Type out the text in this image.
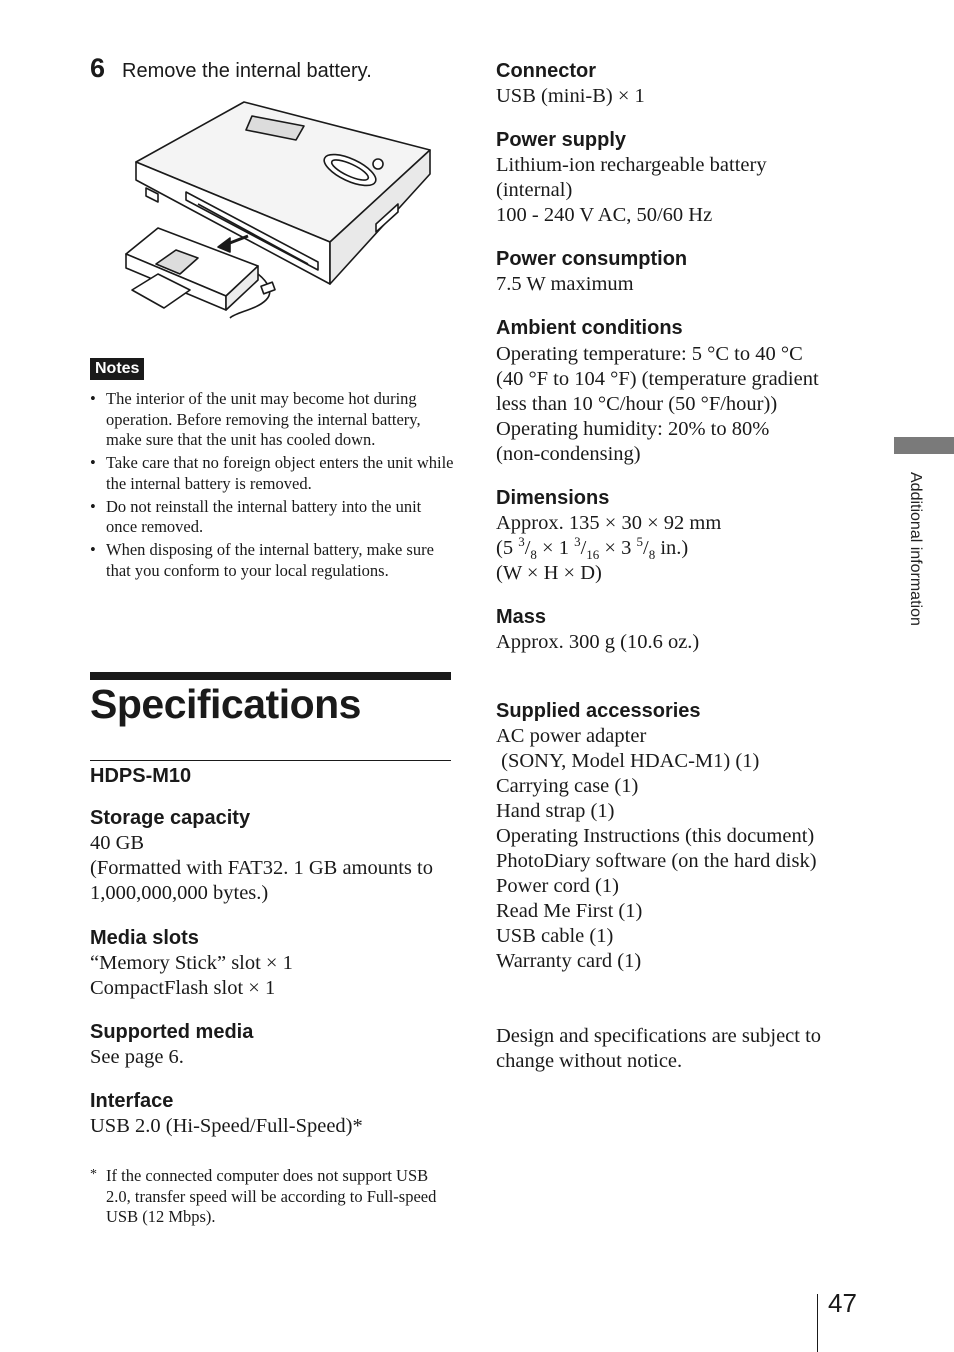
6 Remove the internal battery.
Notes
• The interior of the unit may become hot during operation. Before removing the internal battery, make sure that the unit has cooled down.
• Take care that no foreign object enters the unit while the internal battery is removed.
• Do not reinstall the internal battery into the unit once removed.
• When disposing of the internal battery, make sure that you conform to your local regulations.
Specifications
HDPS-M10
Storage capacity
40 GB
(Formatted with FAT32. 1 GB amounts to
1,000,000,000 bytes.)
Media slots
“Memory Stick” slot × 1
CompactFlash slot × 1
Supported media
See page 6.
Interface
USB 2.0 (Hi-Speed/Full-Speed)*
* If the connected computer does not support USB 2.0, transfer speed will be according to Full-speed USB (12 Mbps).
Connector
USB (mini-B) × 1
Power supply
Lithium-ion rechargeable battery
(internal)
100 - 240 V AC, 50/60 Hz
Power consumption
7.5 W maximum
Ambient conditions
Operating temperature: 5 °C to 40 °C
(40 °F to 104 °F) (temperature gradient
less than 10 °C/hour (50 °F/hour))
Operating humidity: 20% to 80%
(non-condensing)
Dimensions
Approx. 135 × 30 × 92 mm
(5 $^3/_8 \times 1$ $^3/_{16} \times 3$ $^5/_8$ in.)
(W × H × D)
Mass
Approx. 300 g (10.6 oz.)
Supplied accessories
AC power adapter
(SONY, Model HDAC-M1) (1)
Carrying case (1)
Hand strap (1)
Operating Instructions (this document)
PhotoDiary software (on the hard disk)
Power cord (1)
Read Me First (1)
USB cable (1)
Warranty card (1)
Design and specifications are subject to
change without notice.
Additional information
47
